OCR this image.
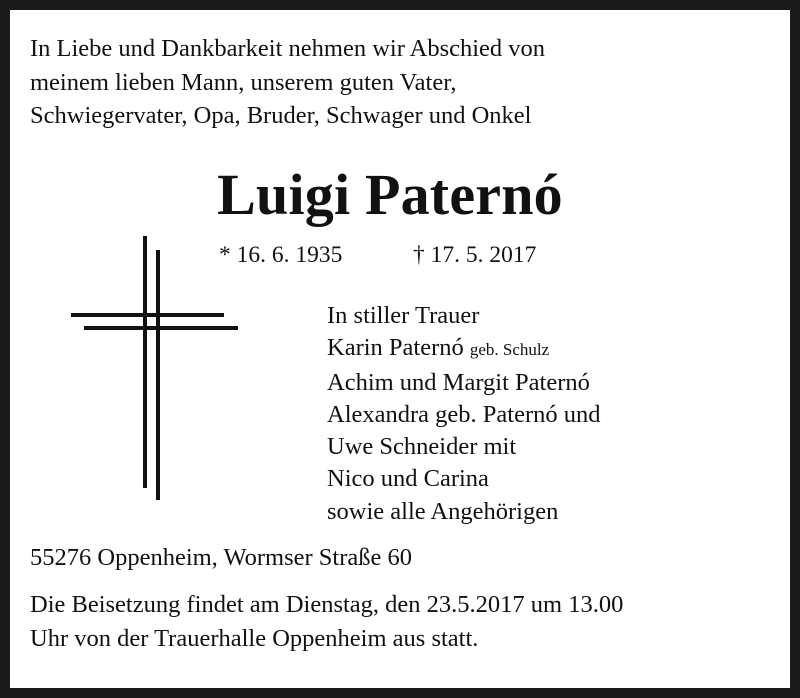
In Liebe und Dankbarkeit nehmen wir Abschied von
meinem lieben Mann, unserem guten Vater,
Schwiegervater, Opa, Bruder, Schwager und Onkel
Luigi Paternó
* 16. 6. 1935	† 17. 5. 2017
In stiller Trauer
Karin Paternó geb. Schulz
Achim und Margit Paternó
Alexandra geb. Paternó und
Uwe Schneider mit
Nico und Carina
sowie alle Angehörigen
55276 Oppenheim, Wormser Straße 60
Die Beisetzung findet am Dienstag, den 23.5.2017 um 13.00
Uhr von der Trauerhalle Oppenheim aus statt.
